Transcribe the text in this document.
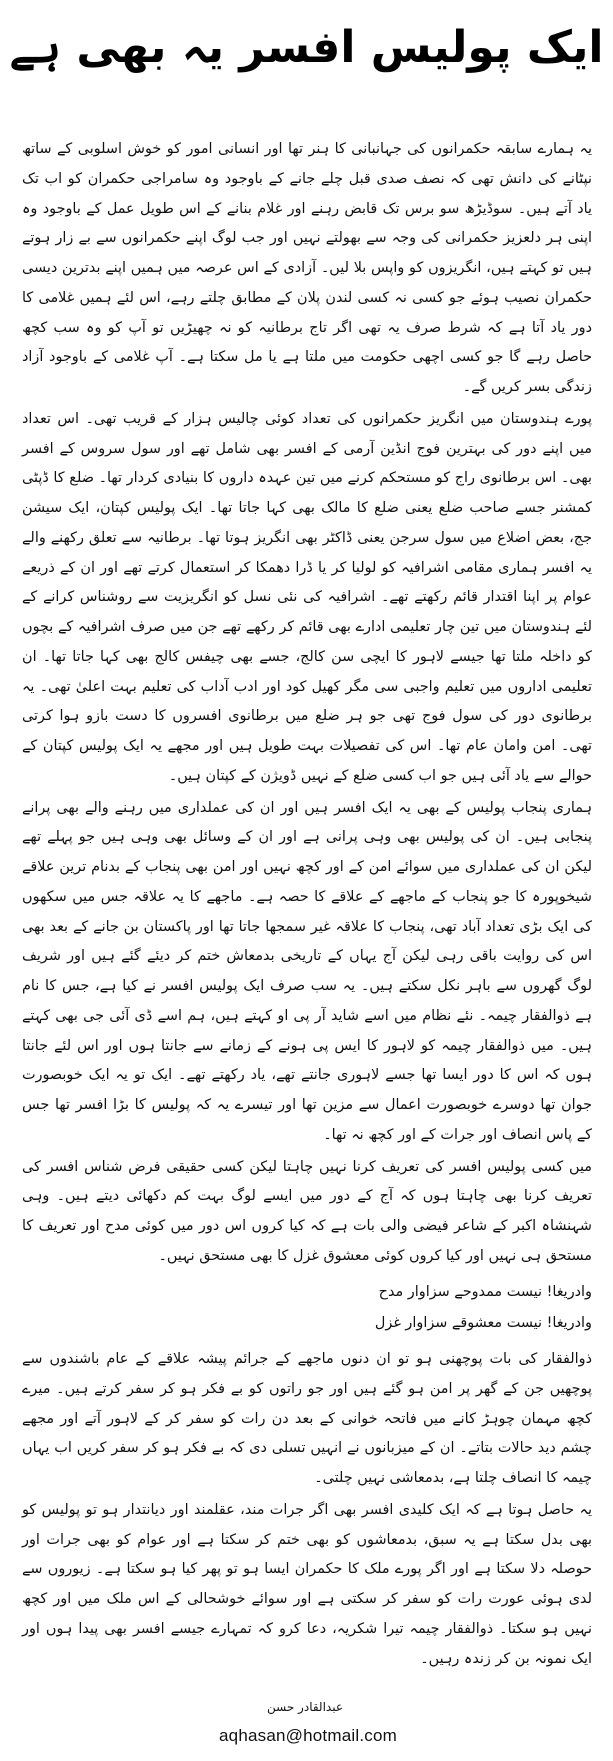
ایک پولیس افسر یہ بھی ہے

یہ ہمارے سابقہ حکمرانوں کی جہانبانی کا ہنر تھا اور انسانی امور کو خوش اسلوبی کے ساتھ نپٹانے کی دانش تھی کہ نصف صدی قبل چلے جانے کے باوجود وہ سامراجی حکمران کو اب تک یاد آتے ہیں۔ سوڈیڑھ سو برس تک قابض رہنے اور غلام بنانے کے اس طویل عمل کے باوجود وہ اپنی ہر دلعزیز حکمرانی کی وجہ سے بھولتے نہیں اور جب لوگ اپنے حکمرانوں سے بے زار ہوتے ہیں تو کہتے ہیں، انگریزوں کو واپس بلا لیں۔ آزادی کے اس عرصہ میں ہمیں اپنے بدترین دیسی حکمران نصیب ہوئے جو کسی نہ کسی لندن پلان کے مطابق چلتے رہے، اس لئے ہمیں غلامی کا دور یاد آتا ہے کہ شرط صرف یہ تھی اگر تاج برطانیہ کو نہ چھیڑیں تو آپ کو وہ سب کچھ حاصل رہے گا جو کسی اچھی حکومت میں ملتا ہے یا مل سکتا ہے۔ آپ غلامی کے باوجود آزاد زندگی بسر کریں گے۔

پورے ہندوستان میں انگریز حکمرانوں کی تعداد کوئی چالیس ہزار کے قریب تھی۔ اس تعداد میں اپنے دور کی بہترین فوج انڈین آرمی کے افسر بھی شامل تھے اور سول سروس کے افسر بھی۔ اس برطانوی راج کو مستحکم کرنے میں تین عہدہ داروں کا بنیادی کردار تھا۔ ضلع کا ڈپٹی کمشنر جسے صاحب ضلع یعنی ضلع کا مالک بھی کہا جاتا تھا۔ ایک پولیس کپتان، ایک سیشن جج، بعض اضلاع میں سول سرجن یعنی ڈاکٹر بھی انگریز ہوتا تھا۔ برطانیہ سے تعلق رکھنے والے یہ افسر ہماری مقامی اشرافیہ کو لولیا کر یا ڈرا دھمکا کر استعمال کرتے تھے اور ان کے ذریعے عوام پر اپنا اقتدار قائم رکھتے تھے۔ اشرافیہ کی نئی نسل کو انگریزیت سے روشناس کرانے کے لئے ہندوستان میں تین چار تعلیمی ادارے بھی قائم کر رکھے تھے جن میں صرف اشرافیہ کے بچوں کو داخلہ ملتا تھا جیسے لاہور کا ایچی سن کالج، جسے بھی چیفس کالج بھی کہا جاتا تھا۔ ان تعلیمی اداروں میں تعلیم واجبی سی مگر کھیل کود اور ادب آداب کی تعلیم بہت اعلیٰ تھی۔ یہ برطانوی دور کی سول فوج تھی جو ہر ضلع میں برطانوی افسروں کا دست بازو ہوا کرتی تھی۔ امن وامان عام تھا۔ اس کی تفصیلات بہت طویل ہیں اور مجھے یہ ایک پولیس کپتان کے حوالے سے یاد آئی ہیں جو اب کسی ضلع کے نہیں ڈویژن کے کپتان ہیں۔

ہماری پنجاب پولیس کے بھی یہ ایک افسر ہیں اور ان کی عملداری میں رہنے والے بھی پرانے پنجابی ہیں۔ ان کی پولیس بھی وہی پرانی ہے اور ان کے وسائل بھی وہی ہیں جو پہلے تھے لیکن ان کی عملداری میں سوائے امن کے اور کچھ نہیں اور امن بھی پنجاب کے بدنام ترین علاقے شیخوپورہ کا جو پنجاب کے ماجھے کے علاقے کا حصہ ہے۔ ماجھے کا یہ علاقہ جس میں سکھوں کی ایک بڑی تعداد آباد تھی، پنجاب کا علاقہ غیر سمجھا جاتا تھا اور پاکستان بن جانے کے بعد بھی اس کی روایت باقی رہی لیکن آج یہاں کے تاریخی بدمعاش ختم کر دیئے گئے ہیں اور شریف لوگ گھروں سے باہر نکل سکتے ہیں۔ یہ سب صرف ایک پولیس افسر نے کیا ہے، جس کا نام ہے ذوالفقار چیمہ۔ نئے نظام میں اسے شاید آر پی او کہتے ہیں، ہم اسے ڈی آئی جی بھی کہتے ہیں۔ میں ذوالفقار چیمہ کو لاہور کا ایس پی ہونے کے زمانے سے جانتا ہوں اور اس لئے جانتا ہوں کہ اس کا دور ایسا تھا جسے لاہوری جانتے تھے، یاد رکھتے تھے۔ ایک تو یہ ایک خوبصورت جوان تھا دوسرے خوبصورت اعمال سے مزین تھا اور تیسرے یہ کہ پولیس کا بڑا افسر تھا جس کے پاس انصاف اور جرات کے اور کچھ نہ تھا۔

میں کسی پولیس افسر کی تعریف کرنا نہیں چاہتا لیکن کسی حقیقی فرض شناس افسر کی تعریف کرنا بھی چاہتا ہوں کہ آج کے دور میں ایسے لوگ بہت کم دکھائی دیتے ہیں۔ وہی شہنشاہ اکبر کے شاعر فیضی والی بات ہے کہ کیا کروں اس دور میں کوئی مدح اور تعریف کا مستحق ہی نہیں اور کیا کروں کوئی معشوق غزل کا بھی مستحق نہیں۔

وادریغا! نیست ممدوحے سزاوار مدح
وادریغا! نیست معشوقے سزاوار غزل

ذوالفقار کی بات پوچھنی ہو تو ان دنوں ماجھے کے جرائم پیشہ علاقے کے عام باشندوں سے پوچھیں جن کے گھر پر امن ہو گئے ہیں اور جو راتوں کو بے فکر ہو کر سفر کرتے ہیں۔ میرے کچھ مہمان چوہڑ کانے میں فاتحہ خوانی کے بعد دن رات کو سفر کر کے لاہور آتے اور مجھے چشم دید حالات بتاتے۔ ان کے میزبانوں نے انہیں تسلی دی کہ بے فکر ہو کر سفر کریں اب یہاں چیمہ کا انصاف چلتا ہے، بدمعاشی نہیں چلتی۔

یہ حاصل ہوتا ہے کہ ایک کلیدی افسر بھی اگر جرات مند، عقلمند اور دیانتدار ہو تو پولیس کو بھی بدل سکتا ہے یہ سبق، بدمعاشوں کو بھی ختم کر سکتا ہے اور عوام کو بھی جرات اور حوصلہ دلا سکتا ہے اور اگر پورے ملک کا حکمران ایسا ہو تو پھر کیا ہو سکتا ہے۔ زیوروں سے لدی ہوئی عورت رات کو سفر کر سکتی ہے اور سوائے خوشحالی کے اس ملک میں اور کچھ نہیں ہو سکتا۔ ذوالفقار چیمہ تیرا شکریہ، دعا کرو کہ تمہارے جیسے افسر بھی پیدا ہوں اور ایک نمونہ بن کر زندہ رہیں۔

عبدالقادر حسن
aqhasan@hotmail.com
